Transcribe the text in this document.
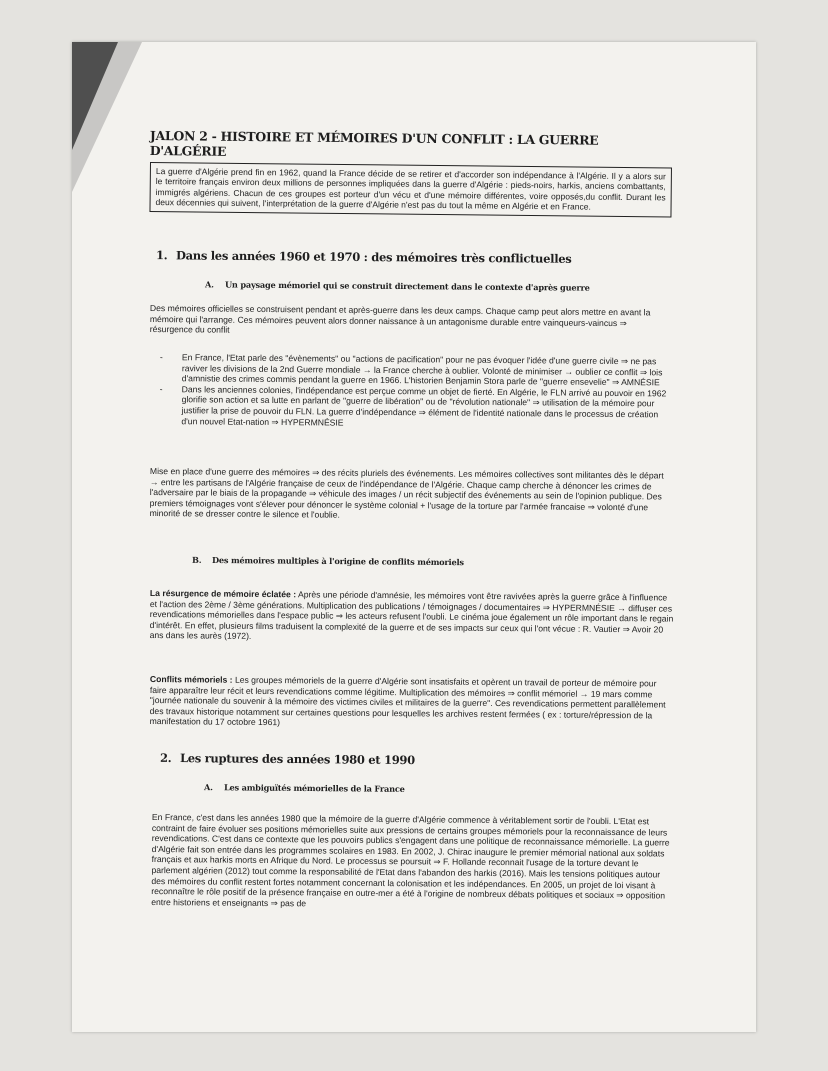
JALON 2 - HISTOIRE ET MÉMOIRES D'UN CONFLIT : LA GUERRE D'ALGÉRIE
La guerre d'Algérie prend fin en 1962, quand la France décide de se retirer et d'accorder son indépendance à l'Algérie. Il y a alors sur le territoire français environ deux millions de personnes impliquées dans la guerre d'Algérie : pieds-noirs, harkis, anciens combattants, immigrés algériens. Chacun de ces groupes est porteur d'un vécu et d'une mémoire différentes, voire opposés,du conflit. Durant les deux décennies qui suivent, l'interprétation de la guerre d'Algérie n'est pas du tout la même en Algérie et en France.
1. Dans les années 1960 et 1970 : des mémoires très conflictuelles
A. Un paysage mémoriel qui se construit directement dans le contexte d'après guerre
Des mémoires officielles se construisent pendant et après-guerre dans les deux camps. Chaque camp peut alors mettre en avant la mémoire qui l'arrange. Ces mémoires peuvent alors donner naissance à un antagonisme durable entre vainqueurs-vaincus ⇒ résurgence du conflit
- En France, l'Etat parle des "évènements" ou "actions de pacification" pour ne pas évoquer l'idée d'une guerre civile ⇒ ne pas raviver les divisions de la 2nd Guerre mondiale → la France cherche à oublier. Volonté de minimiser → oublier ce conflit ⇒ lois d'amnistie des crimes commis pendant la guerre en 1966. L'historien Benjamin Stora parle de "guerre ensevelie" ⇒ AMNÉSIE
- Dans les anciennes colonies, l'indépendance est perçue comme un objet de fierté. En Algérie, le FLN arrivé au pouvoir en 1962 glorifie son action et sa lutte en parlant de "guerre de libération" ou de "révolution nationale" ⇒ utilisation de la mémoire pour justifier la prise de pouvoir du FLN. La guerre d'indépendance ⇒ élément de l'identité nationale dans le processus de création d'un nouvel Etat-nation ⇒ HYPERMNÉSIE
Mise en place d'une guerre des mémoires ⇒ des récits pluriels des événements. Les mémoires collectives sont militantes dès le départ → entre les partisans de l'Algérie française de ceux de l'indépendance de l'Algérie. Chaque camp cherche à dénoncer les crimes de l'adversaire par le biais de la propagande ⇒ véhicule des images / un récit subjectif des événements au sein de l'opinion publique. Des premiers témoignages vont s'élever pour dénoncer le système colonial + l'usage de la torture par l'armée francaise ⇒ volonté d'une minorité de se dresser contre le silence et l'oublie.
B. Des mémoires multiples à l'origine de conflits mémoriels
La résurgence de mémoire éclatée : Après une période d'amnésie, les mémoires vont être ravivées après la guerre grâce à l'influence et l'action des 2ème / 3ème générations. Multiplication des publications / témoignages / documentaires ⇒ HYPERMNÉSIE → diffuser ces revendications mémorielles dans l'espace public ⇒ les acteurs refusent l'oubli. Le cinéma joue également un rôle important dans le regain d'intérêt. En effet, plusieurs films traduisent la complexité de la guerre et de ses impacts sur ceux qui l'ont vécue : R. Vautier ⇒ Avoir 20 ans dans les aurès (1972).
Conflits mémoriels : Les groupes mémoriels de la guerre d'Algérie sont insatisfaits et opèrent un travail de porteur de mémoire pour faire apparaître leur récit et leurs revendications comme légitime. Multiplication des mémoires ⇒ conflit mémoriel → 19 mars comme "journée nationale du souvenir à la mémoire des victimes civiles et militaires de la guerre". Ces revendications permettent parallèlement des travaux historique notamment sur certaines questions pour lesquelles les archives restent fermées ( ex : torture/répression de la manifestation du 17 octobre 1961)
2. Les ruptures des années 1980 et 1990
A. Les ambiguïtés mémorielles de la France
En France, c'est dans les années 1980 que la mémoire de la guerre d'Algérie commence à véritablement sortir de l'oubli. L'Etat est contraint de faire évoluer ses positions mémorielles suite aux pressions de certains groupes mémoriels pour la reconnaissance de leurs revendications. C'est dans ce contexte que les pouvoirs publics s'engagent dans une politique de reconnaissance mémorielle. La guerre d'Algérie fait son entrée dans les programmes scolaires en 1983. En 2002, J. Chirac inaugure le premier mémorial national aux soldats français et aux harkis morts en Afrique du Nord. Le processus se poursuit ⇒ F. Hollande reconnait l'usage de la torture devant le parlement algérien (2012) tout comme la responsabilité de l'Etat dans l'abandon des harkis (2016). Mais les tensions politiques autour des mémoires du conflit restent fortes notamment concernant la colonisation et les indépendances. En 2005, un projet de loi visant à reconnaître le rôle positif de la présence française en outre-mer a été à l'origine de nombreux débats politiques et sociaux ⇒ opposition entre historiens et enseignants ⇒ pas de
